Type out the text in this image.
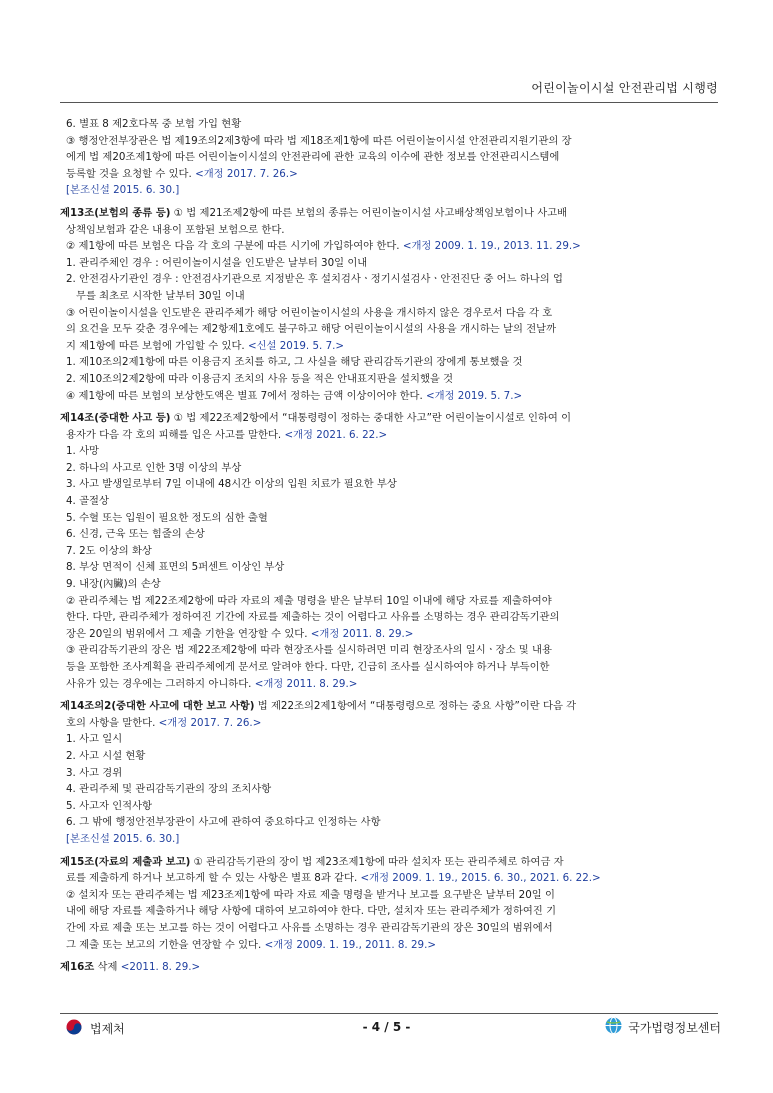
어린이놀이시설 안전관리법 시행령
6. 별표 8 제2호다목 중 보험 가입 현황
③ 행정안전부장관은 법 제19조의2제3항에 따라 법 제18조제1항에 따른 어린이놀이시설 안전관리지원기관의 장
에게 법 제20조제1항에 따른 어린이놀이시설의 안전관리에 관한 교육의 이수에 관한 정보를 안전관리시스템에
등록할 것을 요청할 수 있다. <개정 2017. 7. 26.>
[본조신설 2015. 6. 30.]
제13조(보험의 종류 등) ① 법 제21조제2항에 따른 보험의 종류는 어린이놀이시설 사고배상책임보험이나 사고배
상책임보험과 같은 내용이 포함된 보험으로 한다.
② 제1항에 따른 보험은 다음 각 호의 구분에 따른 시기에 가입하여야 한다. <개정 2009. 1. 19., 2013. 11. 29.>
1. 관리주체인 경우 : 어린이놀이시설을 인도받은 날부터 30일 이내
2. 안전검사기관인 경우 : 안전검사기관으로 지정받은 후 설치검사ㆍ정기시설검사ㆍ안전진단 중 어느 하나의 업
무를 최초로 시작한 날부터 30일 이내
③ 어린이놀이시설을 인도받은 관리주체가 해당 어린이놀이시설의 사용을 개시하지 않은 경우로서 다음 각 호
의 요건을 모두 갖춘 경우에는 제2항제1호에도 불구하고 해당 어린이놀이시설의 사용을 개시하는 날의 전날까
지 제1항에 따른 보험에 가입할 수 있다. <신설 2019. 5. 7.>
1. 제10조의2제1항에 따른 이용금지 조치를 하고, 그 사실을 해당 관리감독기관의 장에게 통보했을 것
2. 제10조의2제2항에 따라 이용금지 조치의 사유 등을 적은 안내표지판을 설치했을 것
④ 제1항에 따른 보험의 보상한도액은 별표 7에서 정하는 금액 이상이어야 한다. <개정 2019. 5. 7.>
제14조(중대한 사고 등) ① 법 제22조제2항에서 “대통령령이 정하는 중대한 사고”란 어린이놀이시설로 인하여 이
용자가 다음 각 호의 피해를 입은 사고를 말한다. <개정 2021. 6. 22.>
1. 사망
2. 하나의 사고로 인한 3명 이상의 부상
3. 사고 발생일로부터 7일 이내에 48시간 이상의 입원 치료가 필요한 부상
4. 골절상
5. 수혈 또는 입원이 필요한 정도의 심한 출혈
6. 신경, 근육 또는 힘줄의 손상
7. 2도 이상의 화상
8. 부상 면적이 신체 표면의 5퍼센트 이상인 부상
9. 내장(內臟)의 손상
② 관리주체는 법 제22조제2항에 따라 자료의 제출 명령을 받은 날부터 10일 이내에 해당 자료를 제출하여야
한다. 다만, 관리주체가 정하여진 기간에 자료를 제출하는 것이 어렵다고 사유를 소명하는 경우 관리감독기관의
장은 20일의 범위에서 그 제출 기한을 연장할 수 있다. <개정 2011. 8. 29.>
③ 관리감독기관의 장은 법 제22조제2항에 따라 현장조사를 실시하려면 미리 현장조사의 일시ㆍ장소 및 내용
등을 포함한 조사계획을 관리주체에게 문서로 알려야 한다. 다만, 긴급히 조사를 실시하여야 하거나 부득이한
사유가 있는 경우에는 그러하지 아니하다. <개정 2011. 8. 29.>
제14조의2(중대한 사고에 대한 보고 사항) 법 제22조의2제1항에서 “대통령령으로 정하는 중요 사항”이란 다음 각
호의 사항을 말한다. <개정 2017. 7. 26.>
1. 사고 일시
2. 사고 시설 현황
3. 사고 경위
4. 관리주체 및 관리감독기관의 장의 조치사항
5. 사고자 인적사항
6. 그 밖에 행정안전부장관이 사고에 관하여 중요하다고 인정하는 사항
[본조신설 2015. 6. 30.]
제15조(자료의 제출과 보고) ① 관리감독기관의 장이 법 제23조제1항에 따라 설치자 또는 관리주체로 하여금 자
료를 제출하게 하거나 보고하게 할 수 있는 사항은 별표 8과 같다. <개정 2009. 1. 19., 2015. 6. 30., 2021. 6. 22.>
② 설치자 또는 관리주체는 법 제23조제1항에 따라 자료 제출 명령을 받거나 보고를 요구받은 날부터 20일 이
내에 해당 자료를 제출하거나 해당 사항에 대하여 보고하여야 한다. 다만, 설치자 또는 관리주체가 정하여진 기
간에 자료 제출 또는 보고를 하는 것이 어렵다고 사유를 소명하는 경우 관리감독기관의 장은 30일의 범위에서
그 제출 또는 보고의 기한을 연장할 수 있다. <개정 2009. 1. 19., 2011. 8. 29.>
제16조 삭제 <2011. 8. 29.>
법제처	- 4 / 5 -	국가법령정보센터
